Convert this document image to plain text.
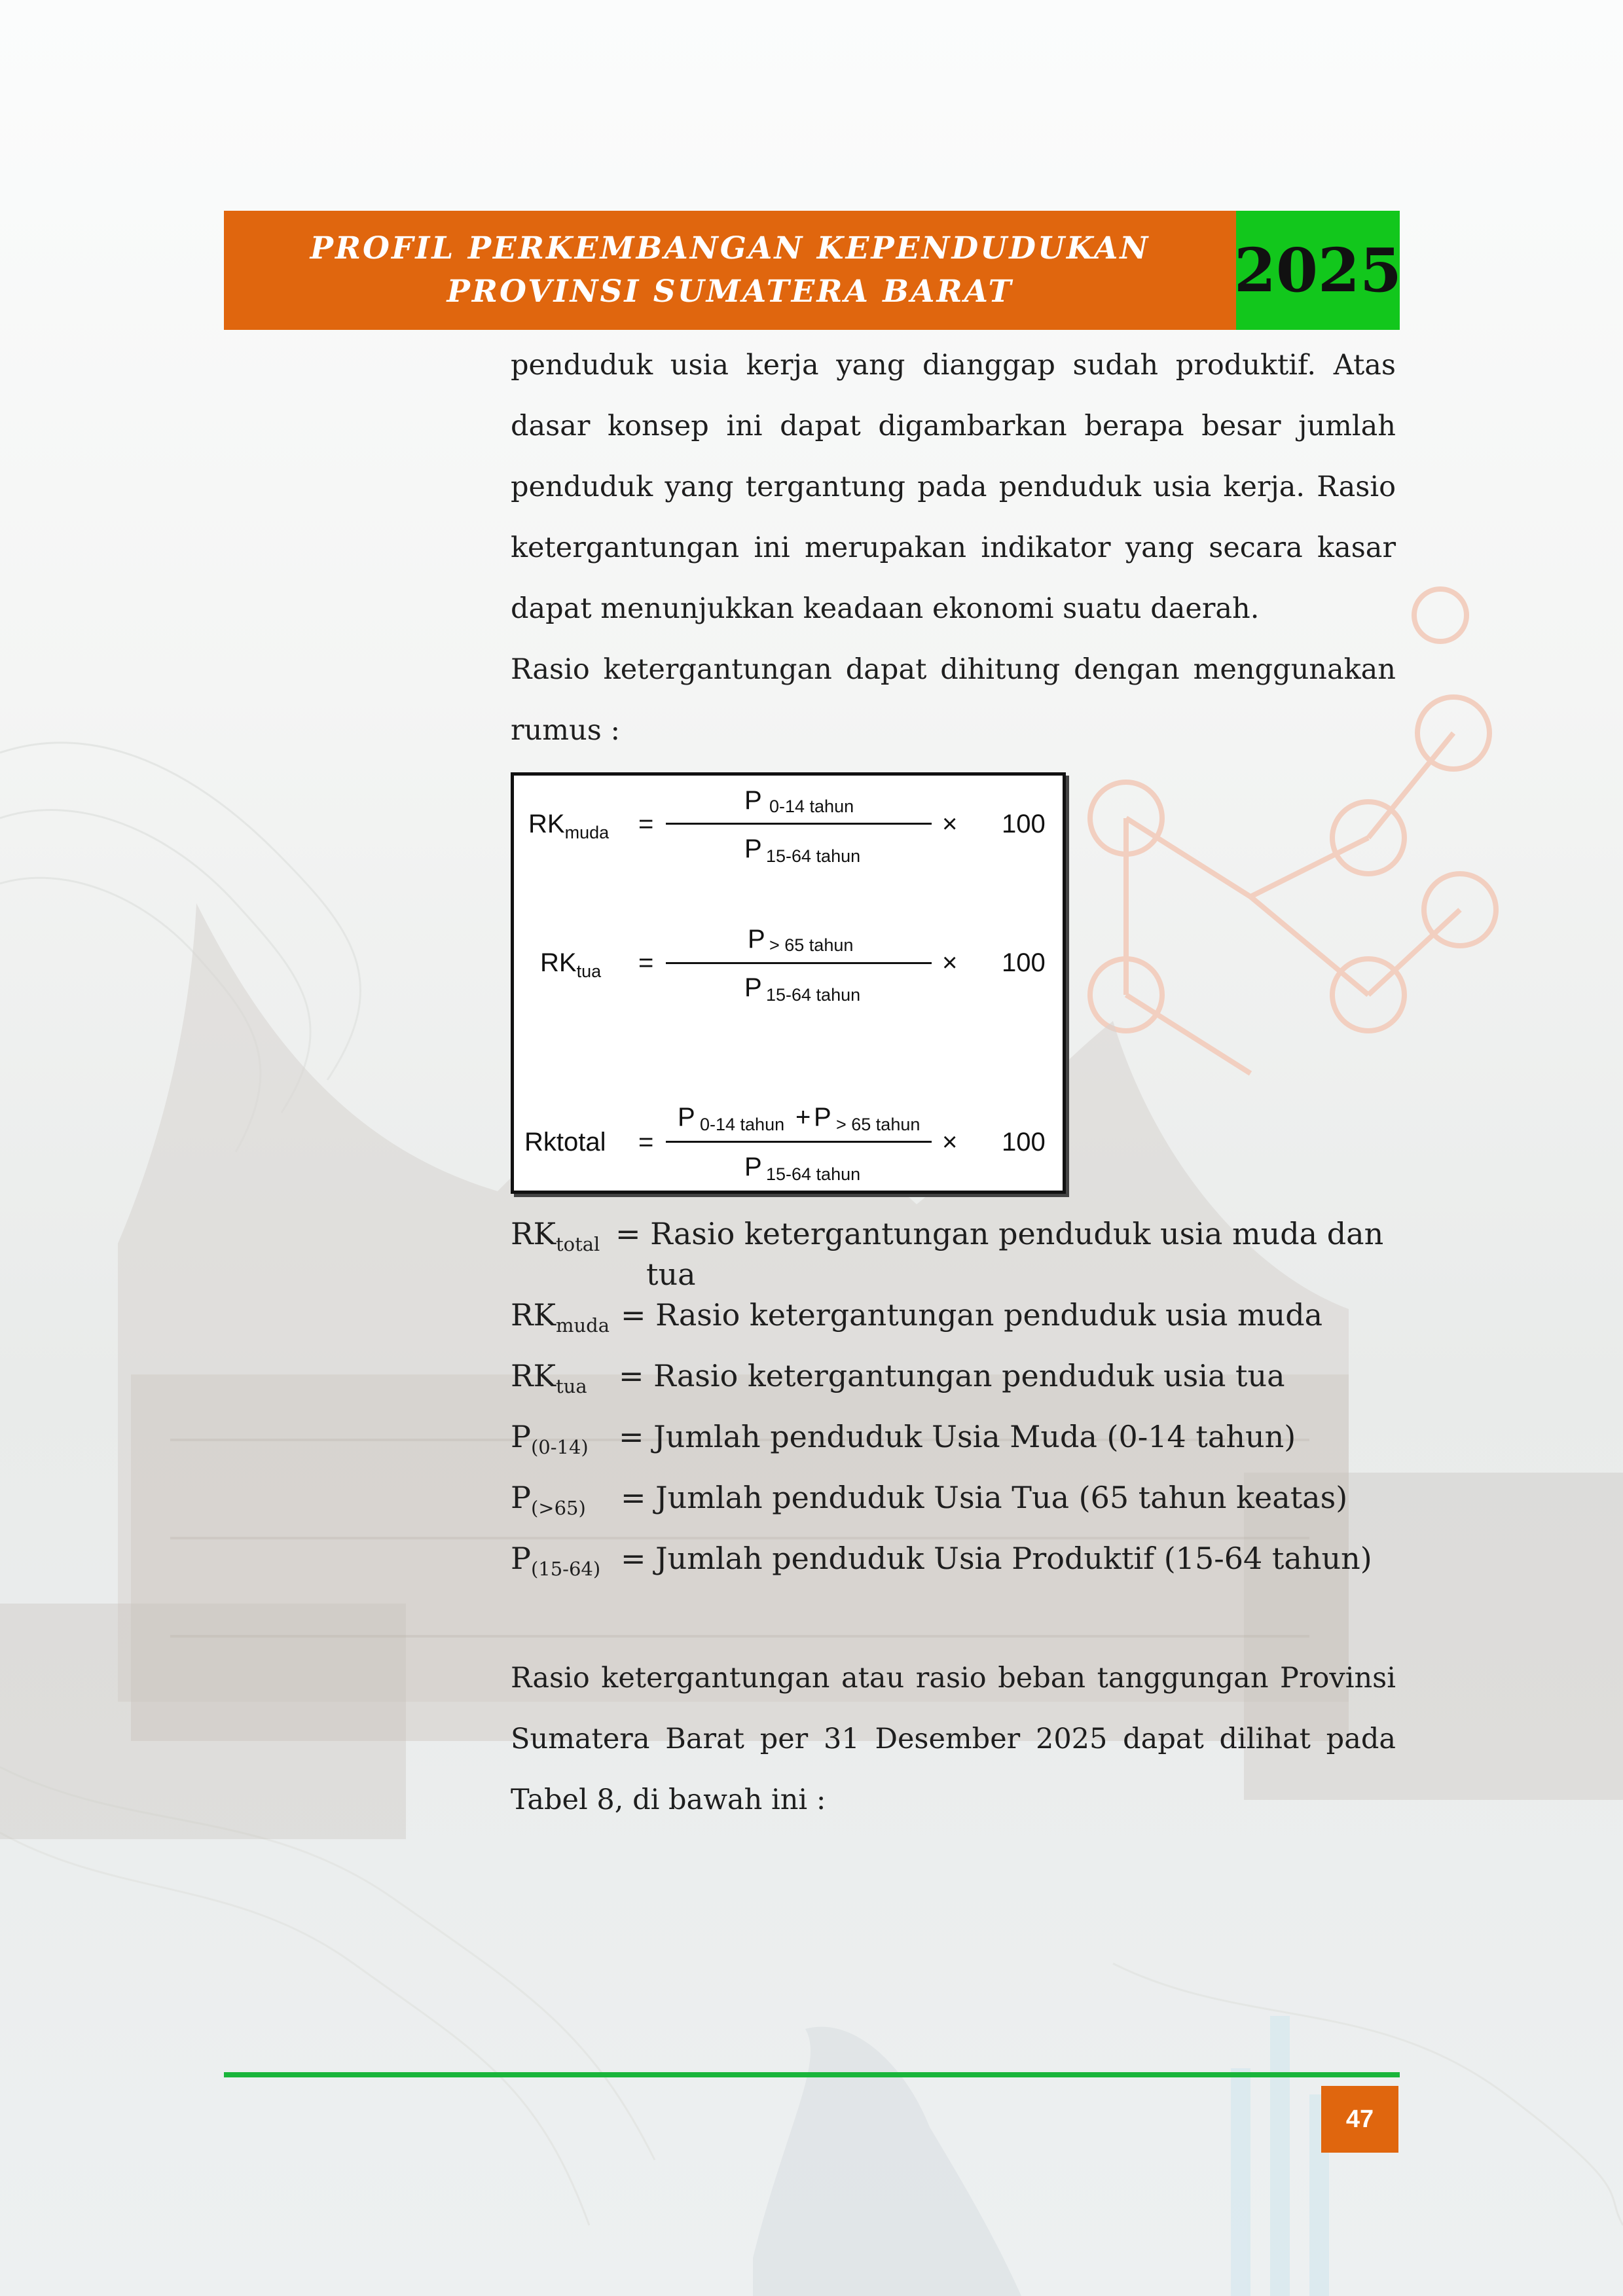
PROFIL PERKEMBANGAN KEPENDUDUKAN
PROVINSI SUMATERA BARAT	2025

penduduk usia kerja yang dianggap sudah produktif. Atas dasar konsep ini dapat digambarkan berapa besar jumlah penduduk yang tergantung pada penduduk usia kerja. Rasio ketergantungan ini merupakan indikator yang secara kasar dapat menunjukkan keadaan ekonomi suatu daerah.

Rasio ketergantungan dapat dihitung dengan menggunakan rumus :

$RK_{muda}$ =
P 0-14 tahun
P 15-64 tahun
× 100
$RK_{tua}$ =
P > 65 tahun
P 15-64 tahun
× 100
Rktotal =
P 0-14 tahun + P > 65 tahun
P 15-64 tahun
× 100
$RK_{total}$ = Rasio ketergantungan penduduk usia muda dan
tua
$RK_{muda}$ = Rasio ketergantungan penduduk usia muda
$RK_{tua}$ = Rasio ketergantungan penduduk usia tua
$P_{(0-14)}$ = Jumlah penduduk Usia Muda (0-14 tahun)
$P_{(>65)}$ = Jumlah penduduk Usia Tua (65 tahun keatas)
$P_{(15-64)}$ = Jumlah penduduk Usia Produktif (15-64 tahun)

Rasio ketergantungan atau rasio beban tanggungan Provinsi Sumatera Barat per 31 Desember 2025 dapat dilihat pada Tabel 8, di bawah ini :

47
